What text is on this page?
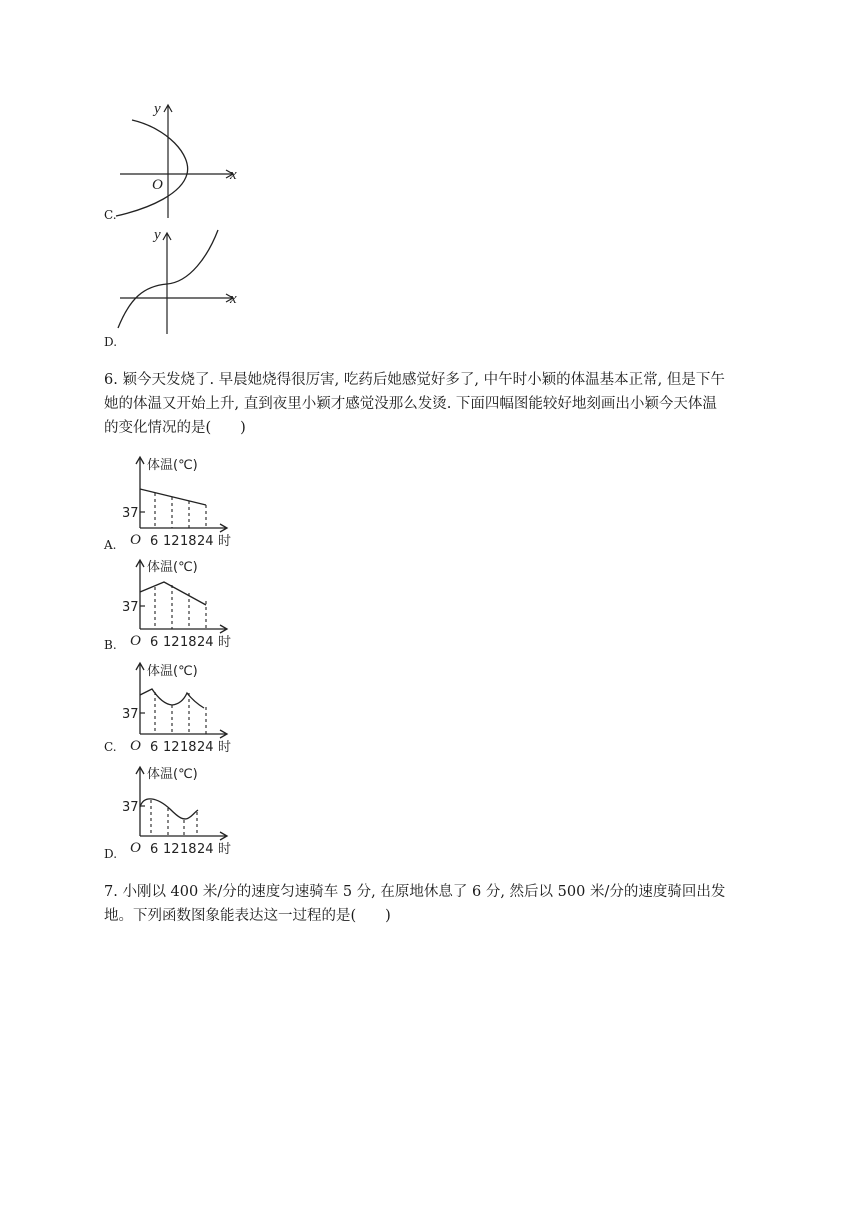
y
x
O
C.
y
x
D.
6. 颖今天发烧了. 早晨她烧得很厉害, 吃药后她感觉好多了, 中午时小颖的体温基本正常, 但是下午
她的体温又开始上升, 直到夜里小颖才感觉没那么发烫. 下面四幅图能较好地刻画出小颖今天体温
的变化情况的是(　　)
A.
体温(℃)
37
O 6 12 18 24 时
B.
体温(℃)
37
O 6 12 18 24 时
C.
体温(℃)
37
O 6 12 18 24 时
D.
体温(℃)
37
O 6 12 18 24 时
7. 小刚以 400 米/分的速度匀速骑车 5 分, 在原地休息了 6 分, 然后以 500 米/分的速度骑回出发
地。下列函数图象能表达这一过程的是(　　)
